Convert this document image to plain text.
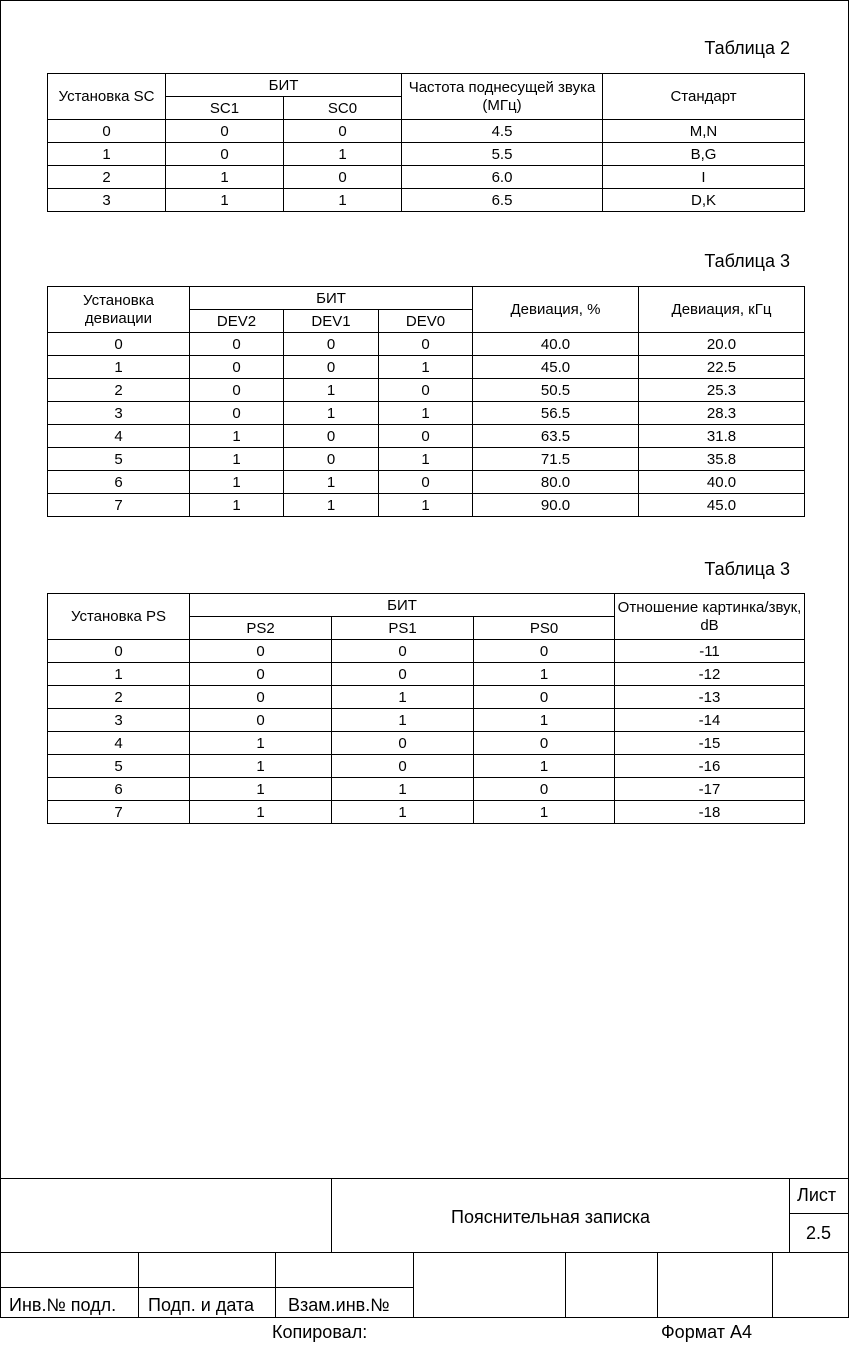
Таблица 2
Установка SC	БИТ		Частота поднесущей звука (МГц)	Стандарт
	SC1	SC0		
0	0	0	4.5	M,N
1	0	1	5.5	B,G
2	1	0	6.0	I
3	1	1	6.5	D,K
Таблица 3
Установка девиации	БИТ			Девиация, %	Девиация, кГц
	DEV2	DEV1	DEV0		
0	0	0	0	40.0	20.0
1	0	0	1	45.0	22.5
2	0	1	0	50.5	25.3
3	0	1	1	56.5	28.3
4	1	0	0	63.5	31.8
5	1	0	1	71.5	35.8
6	1	1	0	80.0	40.0
7	1	1	1	90.0	45.0
Таблица 3
Установка PS	БИТ			Отношение картинка/звук, dB
	PS2	PS1	PS0	
0	0	0	0	-11
1	0	0	1	-12
2	0	1	0	-13
3	0	1	1	-14
4	1	0	0	-15
5	1	0	1	-16
6	1	1	0	-17
7	1	1	1	-18
Пояснительная записка
Лист
2.5
Инв.№ подл. Подп. и дата Взам.инв.№
Копировал:	Формат А4
